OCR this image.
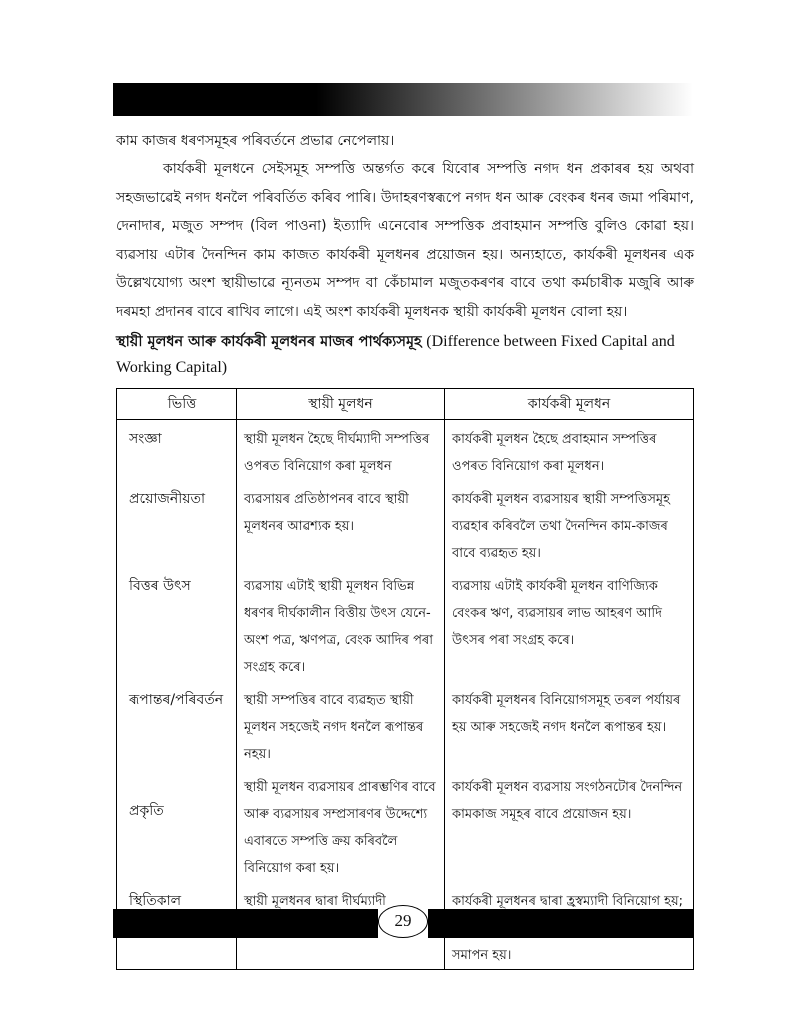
কাম কাজৰ ধৰণসমূহৰ পৰিবৰ্তনে প্ৰভাৱ নেপেলায়।
কাৰ্যকৰী মূলধনে সেইসমূহ সম্পত্তি অন্তৰ্গত কৰে যিবোৰ সম্পত্তি নগদ ধন প্ৰকাৰৰ হয় অথবা সহজভাৱেই নগদ ধনলৈ পৰিবৰ্তিত কৰিব পাৰি। উদাহৰণস্বৰূপে নগদ ধন আৰু বেংকৰ ধনৰ জমা পৰিমাণ, দেনাদাৰ, মজুত সম্পদ (বিল পাওনা) ইত্যাদি এনেবোৰ সম্পত্তিক প্ৰবাহমান সম্পত্তি বুলিও কোৱা হয়। ব্যৱসায় এটাৰ দৈনন্দিন কাম কাজত কাৰ্যকৰী মূলধনৰ প্ৰয়োজন হয়। অন্যহাতে, কাৰ্যকৰী মূলধনৰ এক উল্লেখযোগ্য অংশ স্থায়ীভাৱে ন্যূনতম সম্পদ বা কেঁচামাল মজুতকৰণৰ বাবে তথা কৰ্মচাৰীক মজুৰি আৰু দৰমহা প্ৰদানৰ বাবে ৰাখিব লাগে। এই অংশ কাৰ্যকৰী মূলধনক স্থায়ী কাৰ্যকৰী মূলধন বোলা হয়।
স্থায়ী মূলধন আৰু কাৰ্যকৰী মূলধনৰ মাজৰ পাৰ্থক্যসমূহ (Difference between Fixed Capital and Working Capital)
ভিত্তি	স্থায়ী মূলধন	কাৰ্যকৰী মূলধন
সংজ্ঞা	স্থায়ী মূলধন হৈছে দীৰ্ঘম্যাদী সম্পত্তিৰ ওপৰত বিনিয়োগ কৰা মূলধন	কাৰ্যকৰী মূলধন হৈছে প্ৰবাহমান সম্পত্তিৰ ওপৰত বিনিয়োগ কৰা মূলধন।
প্ৰয়োজনীয়তা	ব্যৱসায়ৰ প্ৰতিষ্ঠাপনৰ বাবে স্থায়ী মূলধনৰ আৱশ্যক হয়।	কাৰ্যকৰী মূলধন ব্যৱসায়ৰ স্থায়ী সম্পত্তিসমূহ ব্যৱহাৰ কৰিবলৈ তথা দৈনন্দিন কাম-কাজৰ বাবে ব্যৱহৃত হয়।
বিত্তৰ উৎস	ব্যৱসায় এটাই স্থায়ী মূলধন বিভিন্ন ধৰণৰ দীৰ্ঘকালীন বিত্তীয় উৎস যেনে- অংশ পত্ৰ, ঋণপত্ৰ, বেংক আদিৰ পৰা সংগ্ৰহ কৰে।	ব্যৱসায় এটাই কাৰ্যকৰী মূলধন বাণিজ্যিক বেংকৰ ঋণ, ব্যৱসায়ৰ লাভ আহৰণ আদি উৎসৰ পৰা সংগ্ৰহ কৰে।
ৰূপান্তৰ/পৰিবৰ্তন	স্থায়ী সম্পত্তিৰ বাবে ব্যৱহৃত স্থায়ী মূলধন সহজেই নগদ ধনলৈ ৰূপান্তৰ নহয়।	কাৰ্যকৰী মূলধনৰ বিনিয়োগসমূহ তৰল পৰ্যায়ৰ হয় আৰু সহজেই নগদ ধনলৈ ৰূপান্তৰ হয়।
প্ৰকৃতি	স্থায়ী মূলধন ব্যৱসায়ৰ প্ৰাৰম্ভণিৰ বাবে আৰু ব্যৱসায়ৰ সম্প্ৰসাৰণৰ উদ্দেশ্যে এবাৰতে সম্পত্তি ক্ৰয় কৰিবলৈ বিনিয়োগ কৰা হয়।	কাৰ্যকৰী মূলধন ব্যৱসায় সংগঠনটোৰ দৈনন্দিন কামকাজ সমূহৰ বাবে প্ৰয়োজন হয়।
স্থিতিকাল	স্থায়ী মূলধনৰ দ্বাৰা দীৰ্ঘম্যাদী	কাৰ্যকৰী মূলধনৰ দ্বাৰা হ্ৰস্বম্যাদী বিনিয়োগ হয়; সমাপন হয়।
29
